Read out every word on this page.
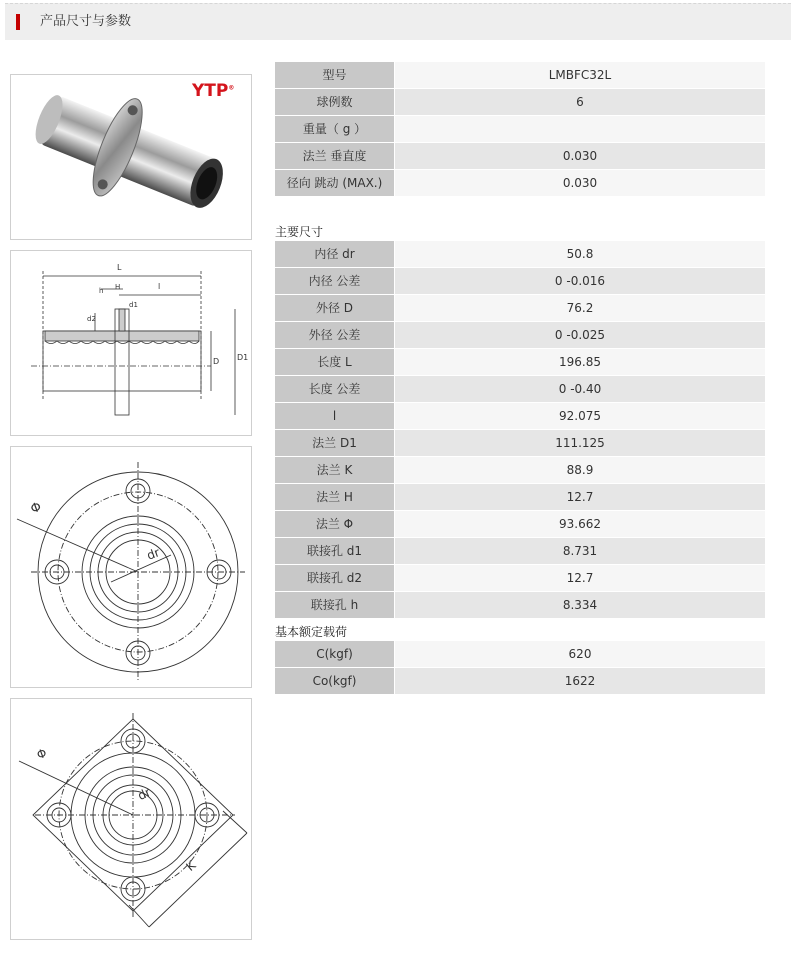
产品尺寸与参数
YTP®
L
l
h H
d1
d2
D D1
Φ
dr
Φ
dr
K
型号	LMBFC32L
球例数	6
重量（ g ）	
法兰 垂直度	0.030
径向 跳动 (MAX.)	0.030
主要尺寸
内径 dr	50.8
内径 公差	0 -0.016
外径 D	76.2
外径 公差	0 -0.025
长度 L	196.85
长度 公差	0 -0.40
l	92.075
法兰 D1	111.125
法兰 K	88.9
法兰 H	12.7
法兰 Φ	93.662
联接孔 d1	8.731
联接孔 d2	12.7
联接孔 h	8.334
基本额定载荷
C(kgf)	620
Co(kgf)	1622
